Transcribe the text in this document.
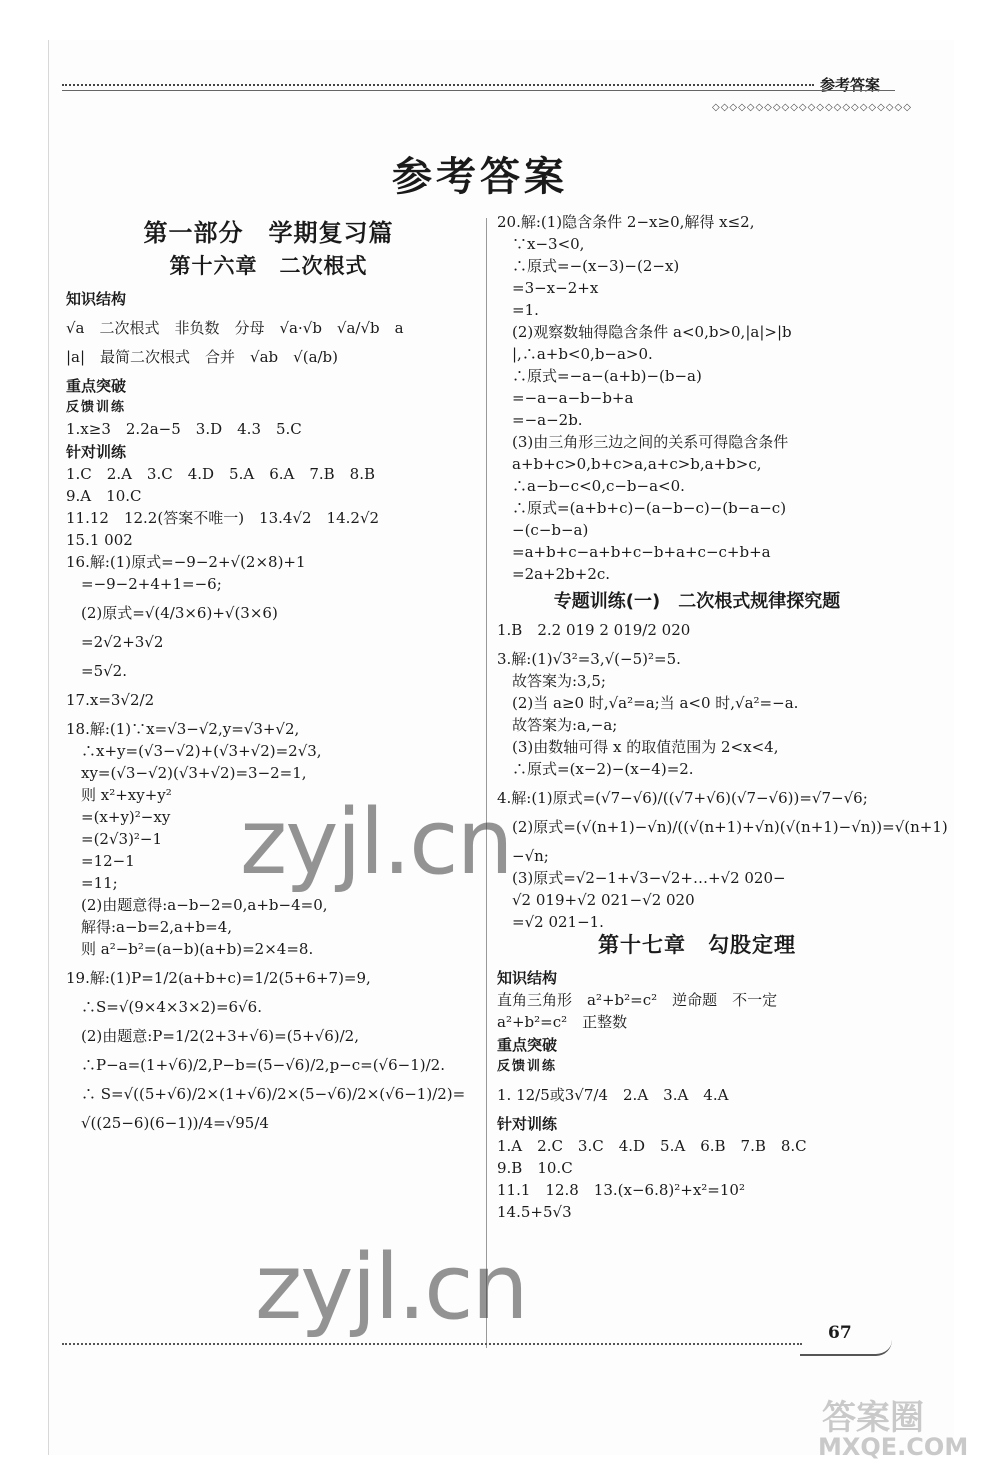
参考答案
◇◇◇◇◇◇◇◇◇◇◇◇◇◇◇◇◇◇◇◇◇◇◇
参考答案
第一部分　学期复习篇
第十六章　二次根式
知识结构
√a　二次根式　非负数　分母　√a·√b　√a/√b　a
|a|　最简二次根式　合并　√ab　√(a/b)
重点突破
反馈训练
1.x≥3　2.2a−5　3.D　4.3　5.C
针对训练
1.C　2.A　3.C　4.D　5.A　6.A　7.B　8.B
9.A　10.C
11.12　12.2(答案不唯一)　13.4√2　14.2√2
15.1 002
16.解:(1)原式=−9−2+√(2×8)+1
　=−9−2+4+1=−6;
　(2)原式=√(4/3×6)+√(3×6)
　=2√2+3√2
　=5√2.
17.x=3√2/2
18.解:(1)∵x=√3−√2,y=√3+√2,
　∴x+y=(√3−√2)+(√3+√2)=2√3,
　xy=(√3−√2)(√3+√2)=3−2=1,
　则 x²+xy+y²
　=(x+y)²−xy
　=(2√3)²−1
　=12−1
　=11;
　(2)由题意得:a−b−2=0,a+b−4=0,
　解得:a−b=2,a+b=4,
　则 a²−b²=(a−b)(a+b)=2×4=8.
19.解:(1)P=1/2(a+b+c)=1/2(5+6+7)=9,
　∴S=√(9×4×3×2)=6√6.
　(2)由题意:P=1/2(2+3+√6)=(5+√6)/2,
　∴P−a=(1+√6)/2,P−b=(5−√6)/2,p−c=(√6−1)/2.
　∴ S=√((5+√6)/2×(1+√6)/2×(5−√6)/2×(√6−1)/2)=
　√((25−6)(6−1))/4=√95/4
20.解:(1)隐含条件 2−x≥0,解得 x≤2,
　∵x−3<0,
　∴原式=−(x−3)−(2−x)
　=3−x−2+x
　=1.
　(2)观察数轴得隐含条件 a<0,b>0,|a|>|b
　|,∴a+b<0,b−a>0.
　∴原式=−a−(a+b)−(b−a)
　=−a−a−b−b+a
　=−a−2b.
　(3)由三角形三边之间的关系可得隐含条件
　a+b+c>0,b+c>a,a+c>b,a+b>c,
　∴a−b−c<0,c−b−a<0.
　∴原式=(a+b+c)−(a−b−c)−(b−a−c)
　−(c−b−a)
　=a+b+c−a+b+c−b+a+c−c+b+a
　=2a+2b+2c.
专题训练(一)　二次根式规律探究题
1.B　2.2 019 2 019/2 020
3.解:(1)√3²=3,√(−5)²=5.
　故答案为:3,5;
　(2)当 a≥0 时,√a²=a;当 a<0 时,√a²=−a.
　故答案为:a,−a;
　(3)由数轴可得 x 的取值范围为 2<x<4,
　∴原式=(x−2)−(x−4)=2.
4.解:(1)原式=(√7−√6)/((√7+√6)(√7−√6))=√7−√6;
　(2)原式=(√(n+1)−√n)/((√(n+1)+√n)(√(n+1)−√n))=√(n+1)
　−√n;
　(3)原式=√2−1+√3−√2+…+√2 020−
　√2 019+√2 021−√2 020
　=√2 021−1.
第十七章　勾股定理
知识结构
直角三角形　a²+b²=c²　逆命题　不一定
a²+b²=c²　正整数
重点突破
反馈训练
1. 12/5或3√7/4　2.A　3.A　4.A
针对训练
1.A　2.C　3.C　4.D　5.A　6.B　7.B　8.C
9.B　10.C
11.1　12.8　13.(x−6.8)²+x²=10²
14.5+5√3
zyjl.cn
zyjl.cn	67
答案圈
MXQE.COM
